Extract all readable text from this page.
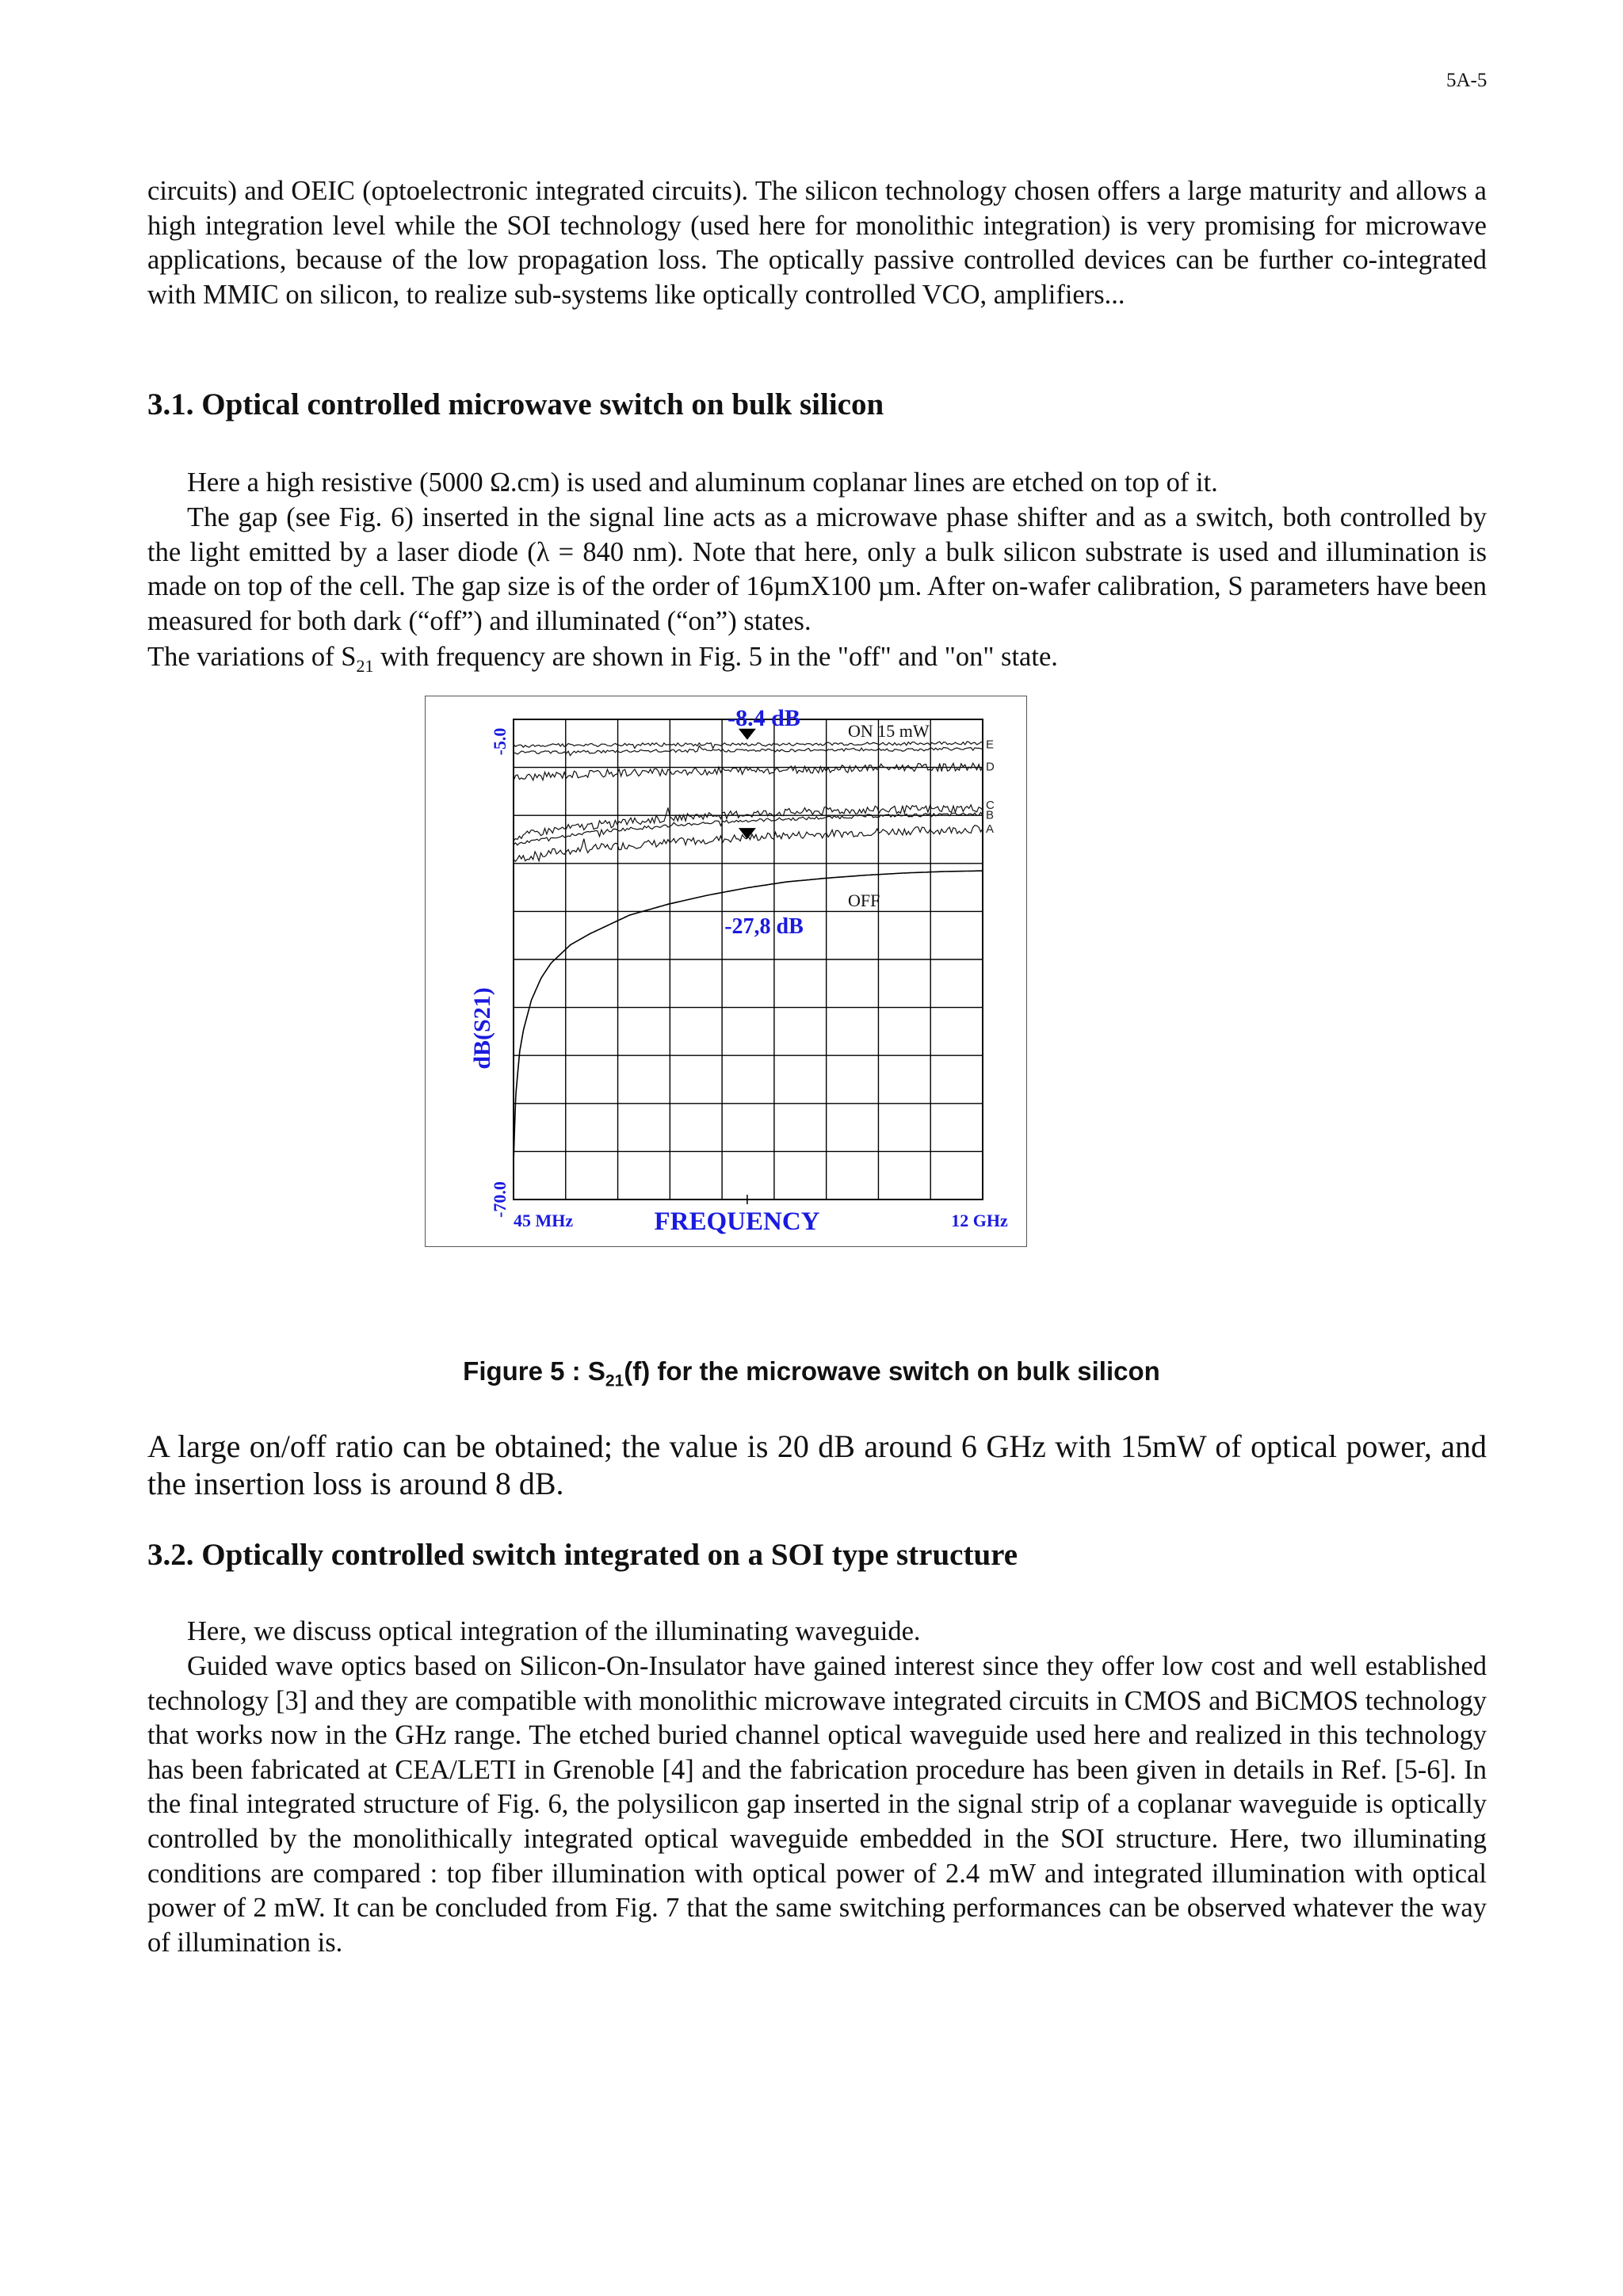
5A-5

circuits) and OEIC (optoelectronic integrated circuits). The silicon technology chosen offers a large maturity and allows a high integration level while the SOI technology (used here for monolithic integration) is very promising for microwave applications, because of the low propagation loss. The optically passive controlled devices can be further co-integrated with MMIC on silicon, to realize sub-systems like optically controlled VCO, amplifiers...

3.1. Optical controlled microwave switch on bulk silicon

Here a high resistive (5000 Ω.cm) is used and aluminum coplanar lines are etched on top of it.

The gap (see Fig. 6) inserted in the signal line acts as a microwave phase shifter and as a switch, both controlled by the light emitted by a laser diode (λ = 840 nm). Note that here, only a bulk silicon substrate is used and illumination is made on top of the cell. The gap size is of the order of 16µmX100 µm. After on-wafer calibration, S parameters have been measured for both dark (“off”) and illuminated (“on”) states.

The variations of $S_{21}$ with frequency are shown in Fig. 5 in the "off" and "on" state.

E
D
C
B
A
dB(S21)
-5.0
-70.0
45 MHz	FREQUENCY	12 GHz
-8.4 dB
-27,8 dB
ON 15 mW
OFF
Figure 5 : $S_{21}(f)$ for the microwave switch on bulk silicon

A large on/off ratio can be obtained; the value is 20 dB around 6 GHz with 15mW of optical power, and the insertion loss is around 8 dB.

3.2. Optically controlled switch integrated on a SOI type structure

Here, we discuss optical integration of the illuminating waveguide.

Guided wave optics based on Silicon-On-Insulator have gained interest since they offer low cost and well established technology [3] and they are compatible with monolithic microwave integrated circuits in CMOS and BiCMOS technology that works now in the GHz range. The etched buried channel optical waveguide used here and realized in this technology has been fabricated at CEA/LETI in Grenoble [4] and the fabrication procedure has been given in details in Ref. [5-6]. In the final integrated structure of Fig. 6, the polysilicon gap inserted in the signal strip of a coplanar waveguide is optically controlled by the monolithically integrated optical waveguide embedded in the SOI structure. Here, two illuminating conditions are compared : top fiber illumination with optical power of 2.4 mW and integrated illumination with optical power of 2 mW. It can be concluded from Fig. 7 that the same switching performances can be observed whatever the way of illumination is.
